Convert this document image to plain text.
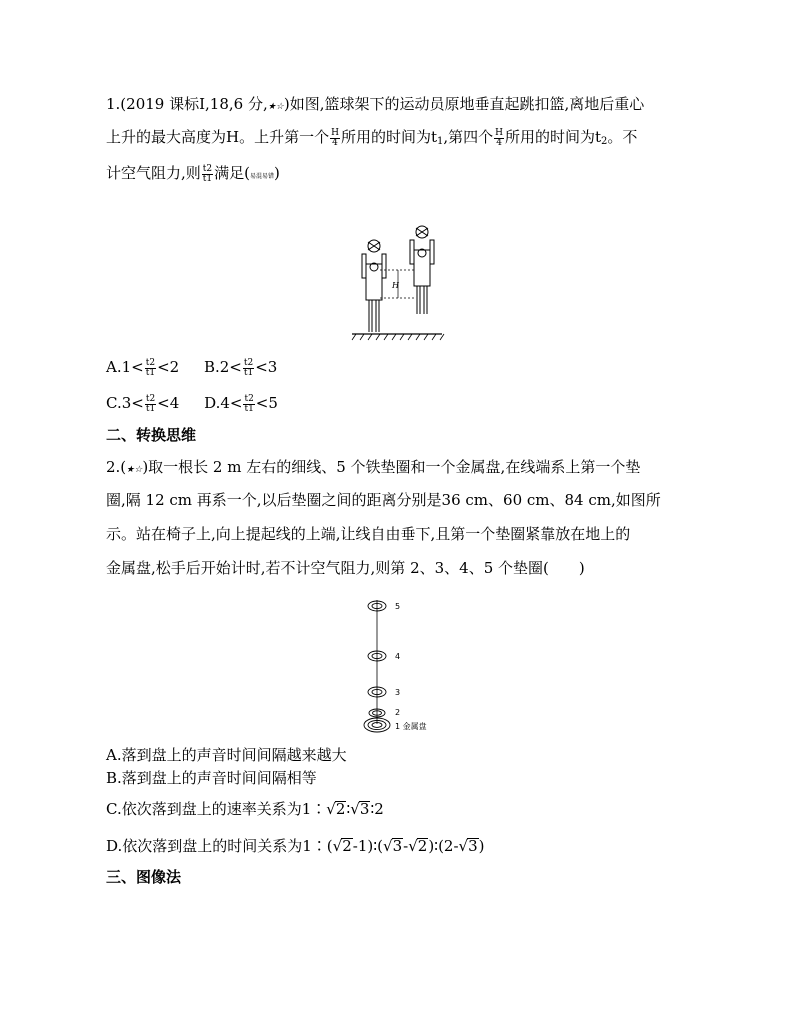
1.(2019 课标Ⅰ,18,6 分,★☆)如图,篮球架下的运动员原地垂直起跳扣篮,离地后重心
上升的最大高度为H。上升第一个 $\frac{H}{4}$ 所用的时间为$t_1$,第四个 $\frac{H}{4}$ 所用的时间为$t_2$。不
计空气阻力,则 $\frac{t2}{t1}$ 满足(易混易错)
H
$A.1< \frac{t2}{t1} <2$ $B.2< \frac{t2}{t1} <3$
$C.3< \frac{t2}{t1} <4$ $D.4< \frac{t2}{t1} <5$
二、转换思维
2.(★☆)取一根长 2 m 左右的细线、5 个铁垫圈和一个金属盘,在线端系上第一个垫
圈,隔 12 cm 再系一个,以后垫圈之间的距离分别是36 cm、60 cm、84 cm,如图所
示。站在椅子上,向上提起线的上端,让线自由垂下,且第一个垫圈紧靠放在地上的
金属盘,松手后开始计时,若不计空气阻力,则第 2、3、4、5 个垫圈(　　)
5
4
3
2
1 金属盘
A.落到盘上的声音时间间隔越来越大
B.落到盘上的声音时间间隔相等
C.依次落到盘上的速率关系为1∶√2∶√3∶2
D.依次落到盘上的时间关系为1∶(√2-1)∶(√3-√2)∶(2-√3)
三、图像法
